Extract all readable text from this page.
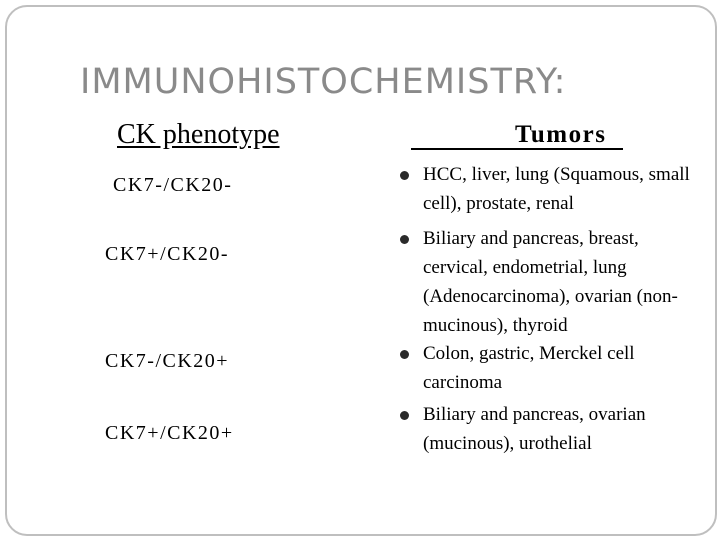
IMMUNOHISTOCHEMISTRY:
CK phenotype	Tumors
CK7-/CK20-
CK7+/CK20-
CK7-/CK20+
CK7+/CK20+
HCC, liver, lung (Squamous, small cell), prostate, renal
Biliary and pancreas, breast, cervical, endometrial, lung (Adenocarcinoma), ovarian (non- mucinous), thyroid
Colon, gastric, Merckel cell carcinoma
Biliary and pancreas, ovarian (mucinous), urothelial
